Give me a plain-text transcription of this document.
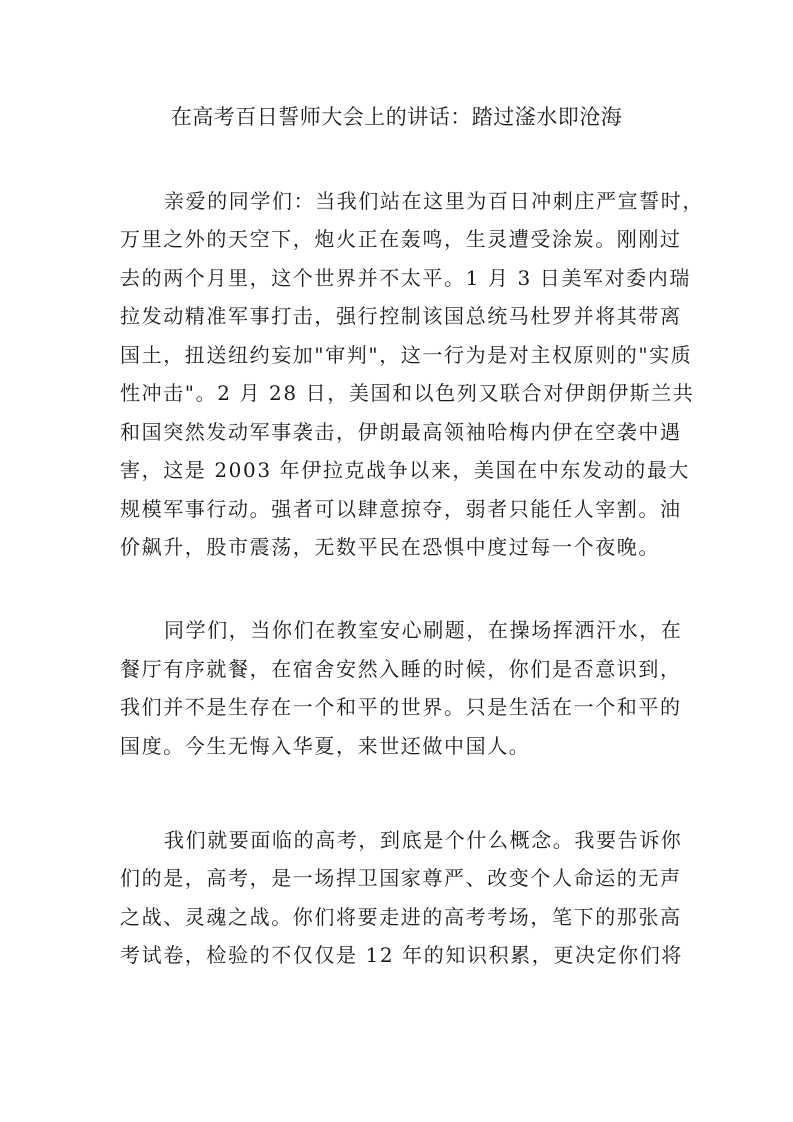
在高考百日誓师大会上的讲话：踏过滏水即沧海
亲爱的同学们：当我们站在这里为百日冲刺庄严宣誓时，
万里之外的天空下，炮火正在轰鸣，生灵遭受涂炭。刚刚过
去的两个月里，这个世界并不太平。1 月 3 日美军对委内瑞
拉发动精准军事打击，强行控制该国总统马杜罗并将其带离
国土，扭送纽约妄加"审判"，这一行为是对主权原则的"实质
性冲击"。2 月 28 日，美国和以色列又联合对伊朗伊斯兰共
和国突然发动军事袭击，伊朗最高领袖哈梅内伊在空袭中遇
害，这是 2003 年伊拉克战争以来，美国在中东发动的最大
规模军事行动。强者可以肆意掠夺，弱者只能任人宰割。油
价飙升，股市震荡，无数平民在恐惧中度过每一个夜晚。
同学们，当你们在教室安心刷题，在操场挥洒汗水，在
餐厅有序就餐，在宿舍安然入睡的时候，你们是否意识到，
我们并不是生存在一个和平的世界。只是生活在一个和平的
国度。今生无悔入华夏，来世还做中国人。
我们就要面临的高考，到底是个什么概念。我要告诉你
们的是，高考，是一场捍卫国家尊严、改变个人命运的无声
之战、灵魂之战。你们将要走进的高考考场，笔下的那张高
考试卷，检验的不仅仅是 12 年的知识积累，更决定你们将
